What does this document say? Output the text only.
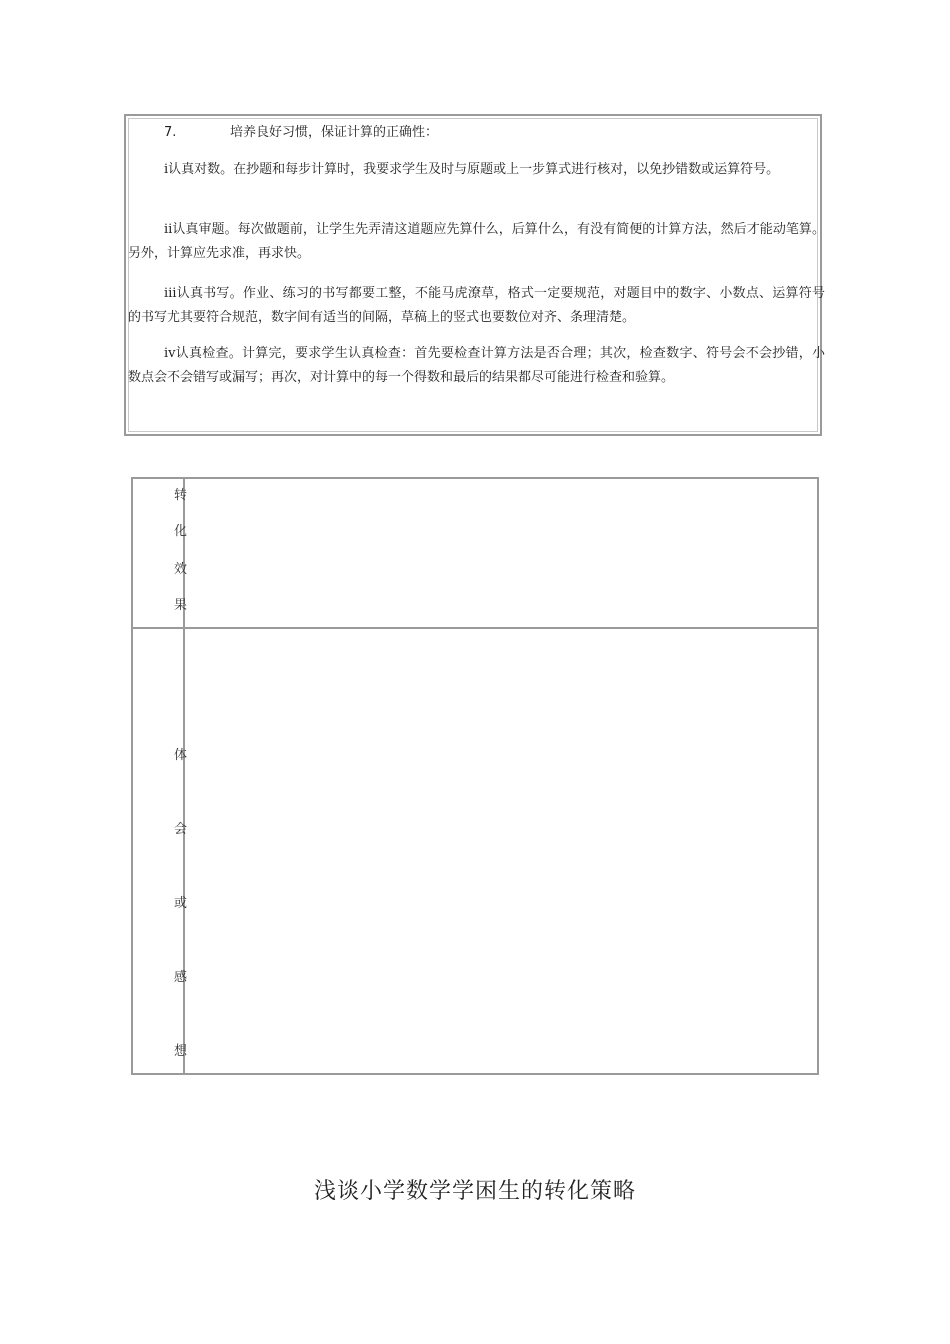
7.	培养良好习惯，保证计算的正确性：
ⅰ认真对数。在抄题和每步计算时，我要求学生及时与原题或上一步算式进行核对，以免抄错数或运算符号。
ⅱ认真审题。每次做题前，让学生先弄清这道题应先算什么，后算什么，有没有简便的计算方法，然后才能动笔算。另外，计算应先求准，再求快。
ⅲ认真书写。作业、练习的书写都要工整，不能马虎潦草，格式一定要规范，对题目中的数字、小数点、运算符号的书写尤其要符合规范，数字间有适当的间隔，草稿上的竖式也要数位对齐、条理清楚。
ⅳ认真检查。计算完，要求学生认真检查：首先要检查计算方法是否合理；其次，检查数字、符号会不会抄错，小数点会不会错写或漏写；再次，对计算中的每一个得数和最后的结果都尽可能进行检查和验算。
转
化
效
果
体
会
或
感
想
浅谈小学数学学困生的转化策略
